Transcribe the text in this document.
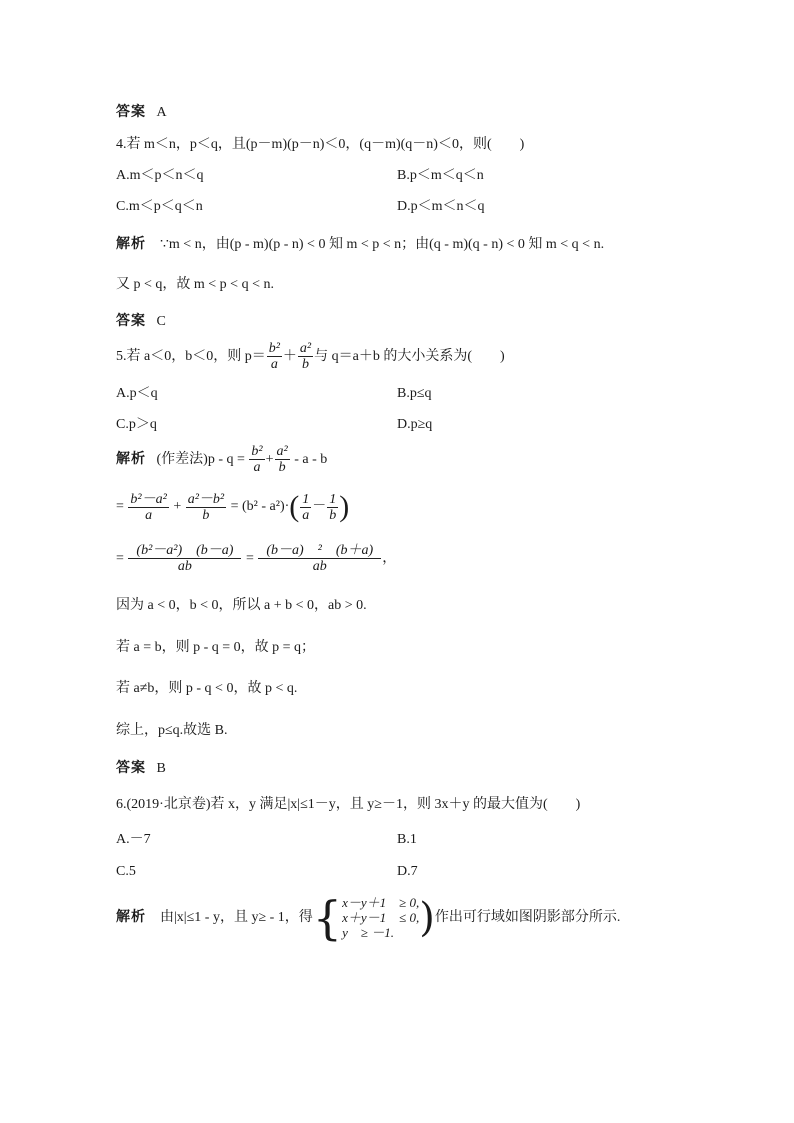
答案 A
4.若 m＜n，p＜q，且(p－m)(p－n)＜0，(q－m)(q－n)＜0，则(　　)
A.m＜p＜n＜q	B.p＜m＜q＜n
C.m＜p＜q＜n	D.p＜m＜n＜q
解析 ∵m < n，由(p - m)(p - n) < 0 知 m < p < n；由(q - m)(q - n) < 0 知 m < q < n.
又 p < q，故 m < p < q < n.
答案 C
5.若 a＜0，b＜0，则 $p= \frac{\text{b²}}{a} + \frac{\text{a²}}{b}$ 与 q＝a＋b 的大小关系为(　　)
A.p＜q	B.p≤q
C.p＞q	D.p≥q
解析 (作差法)$p - q = \frac{\text{b²}}{a} + \frac{\text{a²}}{b} - a - b$
= $\frac{\text{b²－a²}}{a} + \frac{\text{a²－b²}}{b} = (b^2 - a^2)\cdot( \frac{1}{a} - \frac{1}{b}$ )
= $\frac{\text{(b²－a²)　(b－a)}}{ab} = \frac{\text{(b－a)　²　(b＋a)}}{ab}$ ，
因为 a < 0，b < 0，所以 a + b < 0，ab > 0.
若 a = b，则 p - q = 0，故 p = q；
若 a≠b，则 p - q < 0，故 p < q.
综上，p≤q.故选 B.
答案 B
6.(2019·北京卷)若 x，y 满足|x|≤1－y，且 y≥－1，则 3x＋y 的最大值为(　　)
A.－7	B.1
C.5	D.7
解析 由|x|≤1 - y，且 y≥ - 1，得{ x－y＋1　≥ 0,
x＋y－1　≤ 0,
y　≥ －1. )作出可行域如图阴影部分所示.
